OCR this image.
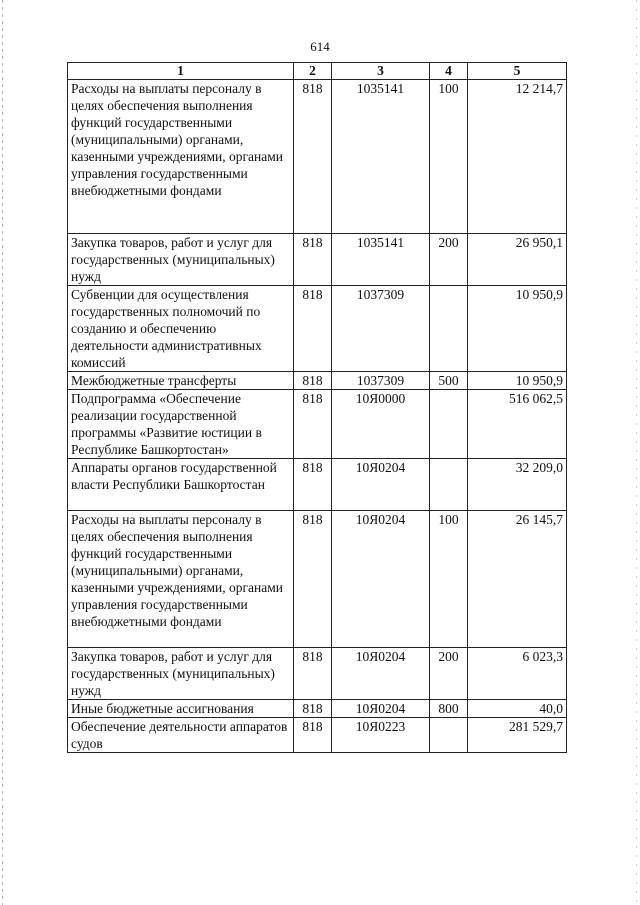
614
1	2	3	4	5
Расходы на выплаты персоналу в целях обеспечения выполнения функций государственными (муниципальными) органами, казенными учреждениями, органами управления государственными внебюджетными фондами	818	1035141	100	12 214,7
Закупка товаров, работ и услуг для государственных (муниципальных) нужд	818	1035141	200	26 950,1
Субвенции для осуществления государственных полномочий по созданию и обеспечению деятельности административных комиссий	818	1037309		10 950,9
Межбюджетные трансферты	818	1037309	500	10 950,9
Подпрограмма «Обеспечение реализации государственной программы «Развитие юстиции в Республике Башкортостан»	818	10Я0000		516 062,5
Аппараты органов государственной власти Республики Башкортостан	818	10Я0204		32 209,0
Расходы на выплаты персоналу в целях обеспечения выполнения функций государственными (муниципальными) органами, казенными учреждениями, органами управления государственными внебюджетными фондами	818	10Я0204	100	26 145,7
Закупка товаров, работ и услуг для государственных (муниципальных) нужд	818	10Я0204	200	6 023,3
Иные бюджетные ассигнования	818	10Я0204	800	40,0
Обеспечение деятельности аппаратов судов	818	10Я0223		281 529,7
